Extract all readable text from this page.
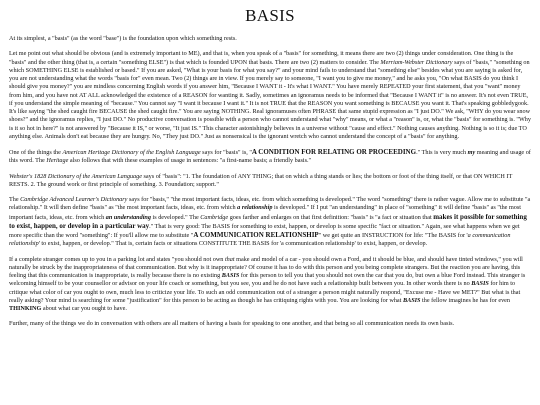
BASIS

At its simplest, a "basis" (as the word "base") is the foundation upon which something rests.

Let me point out what should be obvious (and is extremely important to ME), and that is, when you speak of a "basis" for something, it means there are two (2) things under consideration. One thing is the "basis" and the other thing (that is, a certain "something ELSE") is that which is founded UPON that basis. There are two (2) matters to consider. The Merriam-Webster Dictionary says of "basis," "something on which SOMETHING ELSE is established or based." If you are asked, "What is your basis for what you say?" and your mind fails to understand that "something else" besides what you are saying is asked for, you are not understanding what the words "basis for" even mean. Two (2) things are in view. If you merely say to someone, "I want you to give me money," and he asks you, "On what BASIS do you think I should give you money?" you are mindless concerning English words if you answer him, "Because I WANT it - It's what I WANT." You have merely REPEATED your first statement, that you "want" money from him, and you have not AT ALL acknowledged the existence of a REASON for wanting it. Sadly, sometimes an ignoramus needs to be informed that "Because I WANT it" is no answer. It's not even TRUE, if you understand the simple meaning of "because." You cannot say "I want it because I want it." It is not TRUE that the REASON you want something is BECAUSE you want it. That's speaking gobbledygook. It's like saying "the shed caught fire BECAUSE the shed caught fire." You are saying NOTHING. Real ignoramuses often PHRASE that same stupid expression as "I just DO." We ask, "WHY do you wear snow shoes?" and the ignoramus replies, "I just DO." No productive conversation is possible with a person who cannot understand what "why" means, or what a "reason" is, or, what the "basis" for something is. "Why is it so hot in here?" is not answered by "Because it IS," or worse, "It just IS." This character astonishingly believes in a universe without "cause and effect." Nothing causes anything. Nothing is so it is; due TO anything else. Animals don't eat because they are hungry. No, "They just DO." Just as nonsensical is the ignorant wretch who cannot understand the concept of a "basis" for anything.

One of the things the American Heritage Dictionary of the English Language says for "basis" is, "A CONDITION FOR RELATING OR PROCEEDING." This is very much my meaning and usage of this word. The Heritage also follows that with these examples of usage in sentences: "a first-name basis; a friendly basis."

Webster's 1828 Dictionary of the American Language says of "basis": "1. The foundation of ANY THING; that on which a thing stands or lies; the bottom or foot of the thing itself, or that ON WHICH IT RESTS. 2. The ground work or first principle of something. 3. Foundation; support."

The Cambridge Advanced Learner's Dictionary says for "basis," "the most important facts, ideas, etc. from which something is developed." The word "something" there is rather vague. Allow me to substitute "a relationship." It will then define "basis" as "the most important facts, ideas, etc. from which a relationship is developed." If I put "an understanding" in place of "something" it will define "basis" as "the most important facts, ideas, etc. from which an understanding is developed." The Cambridge goes farther and enlarges on that first definition: "basis" is "a fact or situation that makes it possible for something to exist, happen, or develop in a particular way." That is very good: The BASIS for something to exist, happen, or develop is some specific "fact or situation." Again, see what happens when we get more specific than the word "something": If you'll allow me to substitute "A COMMUNICATION RELATIONSHIP" we get quite an INSTRUCTION for life: "The BASIS for 'a communication relationship' to exist, happen, or develop." That is, certain facts or situations CONSTITUTE THE BASIS for 'a communication relationship' to exist, happen, or develop.

If a complete stranger comes up to you in a parking lot and states "you should not own that make and model of a car - you should own a Ford, and it should be blue, and should have tinted windows," you will naturally be struck by the inappropriateness of that communication. But why is it inappropriate? Of course it has to do with this person and you being complete strangers. But the reaction you are having, this feeling that this communication is inappropriate, is really because there is no existing BASIS for this person to tell you that you should not own the car that you do, but own a blue Ford instead. This stranger is welcoming himself to be your counsellor or advisor on your life coach or something, but you see, you and he do not have such a relationship built between you. In other words there is no BASIS for him to critique what color of car you ought to own, much less to criticize your life. To such an odd communication out of a stranger a person might naturally respond, "Excuse me - Have we MET?" But what is that really asking? Your mind is searching for some "justification" for this person to be acting as though he has critiquing rights with you. You are looking for what BASIS the fellow imagines he has for even THINKING about what car you ought to have.

Further, many of the things we do in conversation with others are all matters of having a basis for speaking to one another, and that being so all communication needs its own basis.
